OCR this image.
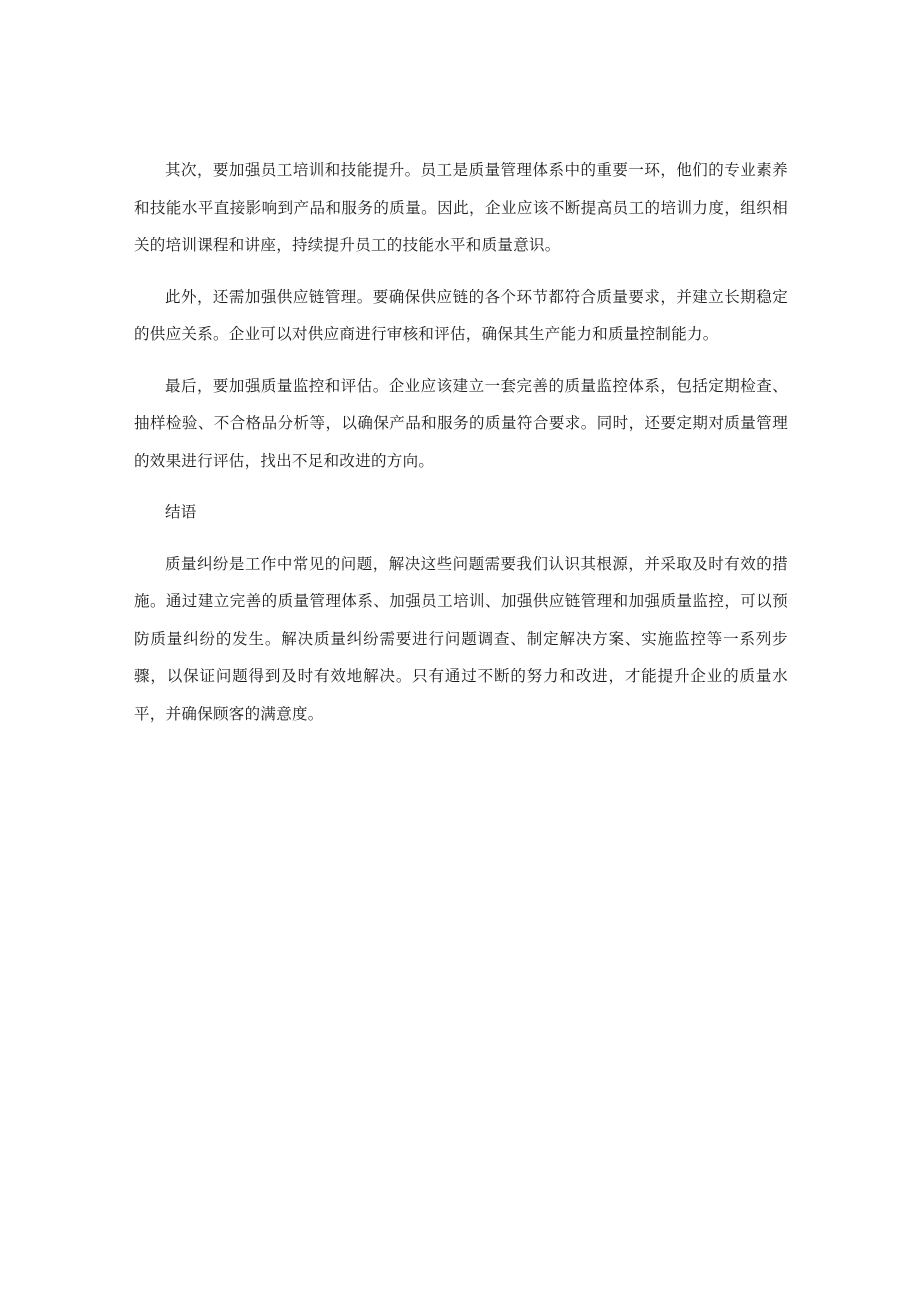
其次，要加强员工培训和技能提升。员工是质量管理体系中的重要一环，他们的专业素养和技能水平直接影响到产品和服务的质量。因此，企业应该不断提高员工的培训力度，组织相关的培训课程和讲座，持续提升员工的技能水平和质量意识。

此外，还需加强供应链管理。要确保供应链的各个环节都符合质量要求，并建立长期稳定的供应关系。企业可以对供应商进行审核和评估，确保其生产能力和质量控制能力。

最后，要加强质量监控和评估。企业应该建立一套完善的质量监控体系，包括定期检查、抽样检验、不合格品分析等，以确保产品和服务的质量符合要求。同时，还要定期对质量管理的效果进行评估，找出不足和改进的方向。

结语

质量纠纷是工作中常见的问题，解决这些问题需要我们认识其根源，并采取及时有效的措施。通过建立完善的质量管理体系、加强员工培训、加强供应链管理和加强质量监控，可以预防质量纠纷的发生。解决质量纠纷需要进行问题调查、制定解决方案、实施监控等一系列步骤，以保证问题得到及时有效地解决。只有通过不断的努力和改进，才能提升企业的质量水平，并确保顾客的满意度。
